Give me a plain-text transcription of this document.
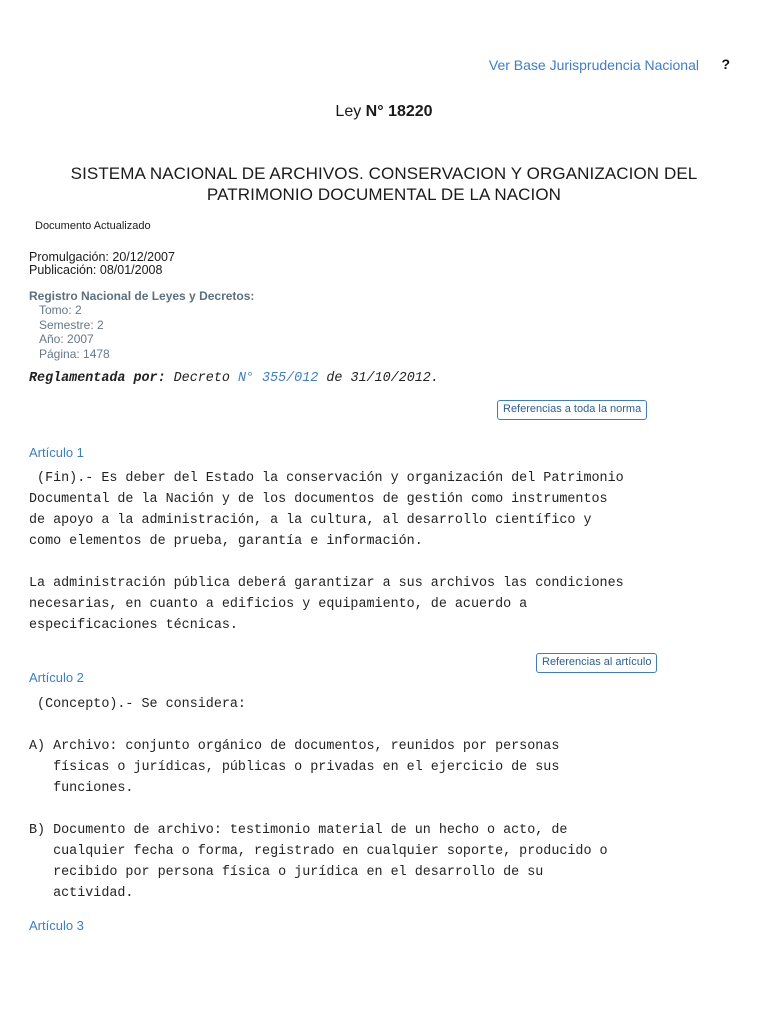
Ver Base Jurisprudencia Nacional ?
Ley N° 18220
SISTEMA NACIONAL DE ARCHIVOS. CONSERVACION Y ORGANIZACION DEL
PATRIMONIO DOCUMENTAL DE LA NACION
Documento Actualizado
Promulgación: 20/12/2007
Publicación: 08/01/2008
Registro Nacional de Leyes y Decretos:
Tomo: 2
Semestre: 2
Año: 2007
Página: 1478
Reglamentada por: Decreto N° 355/012 de 31/10/2012.
Referencias a toda la norma
Artículo 1
(Fin).- Es deber del Estado la conservación y organización del Patrimonio
Documental de la Nación y de los documentos de gestión como instrumentos
de apoyo a la administración, a la cultura, al desarrollo científico y
como elementos de prueba, garantía e información.

La administración pública deberá garantizar a sus archivos las condiciones
necesarias, en cuanto a edificios y equipamiento, de acuerdo a
especificaciones técnicas.
Referencias al artículo
Artículo 2
(Concepto).- Se considera:

A) Archivo: conjunto orgánico de documentos, reunidos por personas
físicas o jurídicas, públicas o privadas en el ejercicio de sus
funciones.

B) Documento de archivo: testimonio material de un hecho o acto, de
cualquier fecha o forma, registrado en cualquier soporte, producido o
recibido por persona física o jurídica en el desarrollo de su
actividad.
Artículo 3
